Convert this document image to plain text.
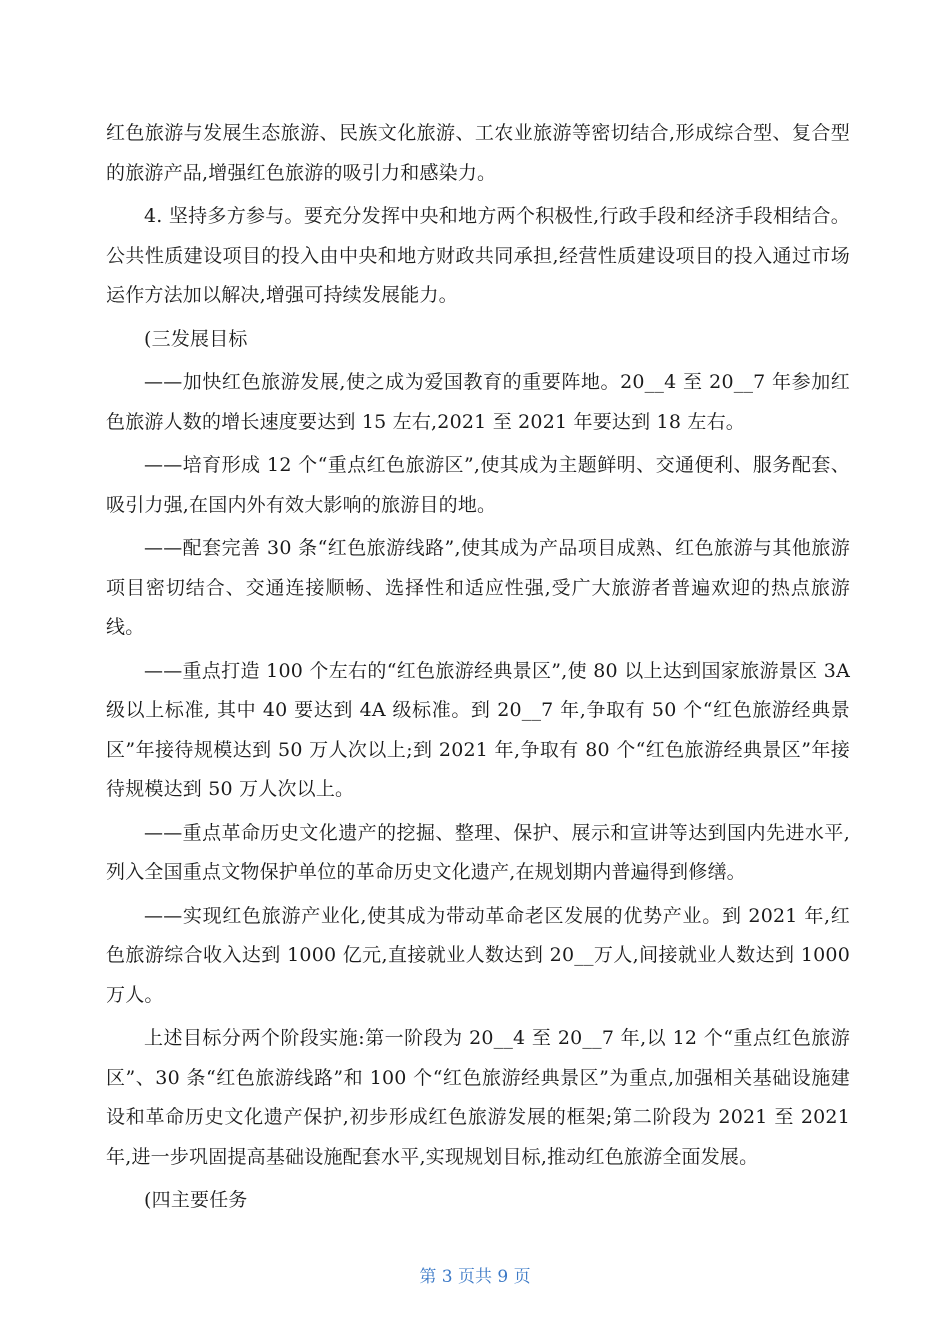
红色旅游与发展生态旅游、民族文化旅游、工农业旅游等密切结合,形成综合型、复合型的旅游产品,增强红色旅游的吸引力和感染力。

4. 坚持多方参与。要充分发挥中央和地方两个积极性,行政手段和经济手段相结合。公共性质建设项目的投入由中央和地方财政共同承担,经营性质建设项目的投入通过市场运作方法加以解决,增强可持续发展能力。

(三发展目标

——加快红色旅游发展,使之成为爱国教育的重要阵地。20__4 至 20__7 年参加红色旅游人数的增长速度要达到 15 左右,2021 至 2021 年要达到 18 左右。

——培育形成 12 个“重点红色旅游区”,使其成为主题鲜明、交通便利、服务配套、吸引力强,在国内外有效大影响的旅游目的地。

——配套完善 30 条“红色旅游线路”,使其成为产品项目成熟、红色旅游与其他旅游项目密切结合、交通连接顺畅、选择性和适应性强,受广大旅游者普遍欢迎的热点旅游线。

——重点打造 100 个左右的“红色旅游经典景区”,使 80 以上达到国家旅游景区 3A 级以上标准, 其中 40 要达到 4A 级标准。到 20__7 年,争取有 50 个“红色旅游经典景区”年接待规模达到 50 万人次以上;到 2021 年,争取有 80 个“红色旅游经典景区”年接待规模达到 50 万人次以上。

——重点革命历史文化遗产的挖掘、整理、保护、展示和宣讲等达到国内先进水平,列入全国重点文物保护单位的革命历史文化遗产,在规划期内普遍得到修缮。

——实现红色旅游产业化,使其成为带动革命老区发展的优势产业。到 2021 年,红色旅游综合收入达到 1000 亿元,直接就业人数达到 20__万人,间接就业人数达到 1000 万人。

上述目标分两个阶段实施:第一阶段为 20__4 至 20__7 年,以 12 个“重点红色旅游区”、30 条“红色旅游线路”和 100 个“红色旅游经典景区”为重点,加强相关基础设施建设和革命历史文化遗产保护,初步形成红色旅游发展的框架;第二阶段为 2021 至 2021 年,进一步巩固提高基础设施配套水平,实现规划目标,推动红色旅游全面发展。

(四主要任务

第 3 页共 9 页
